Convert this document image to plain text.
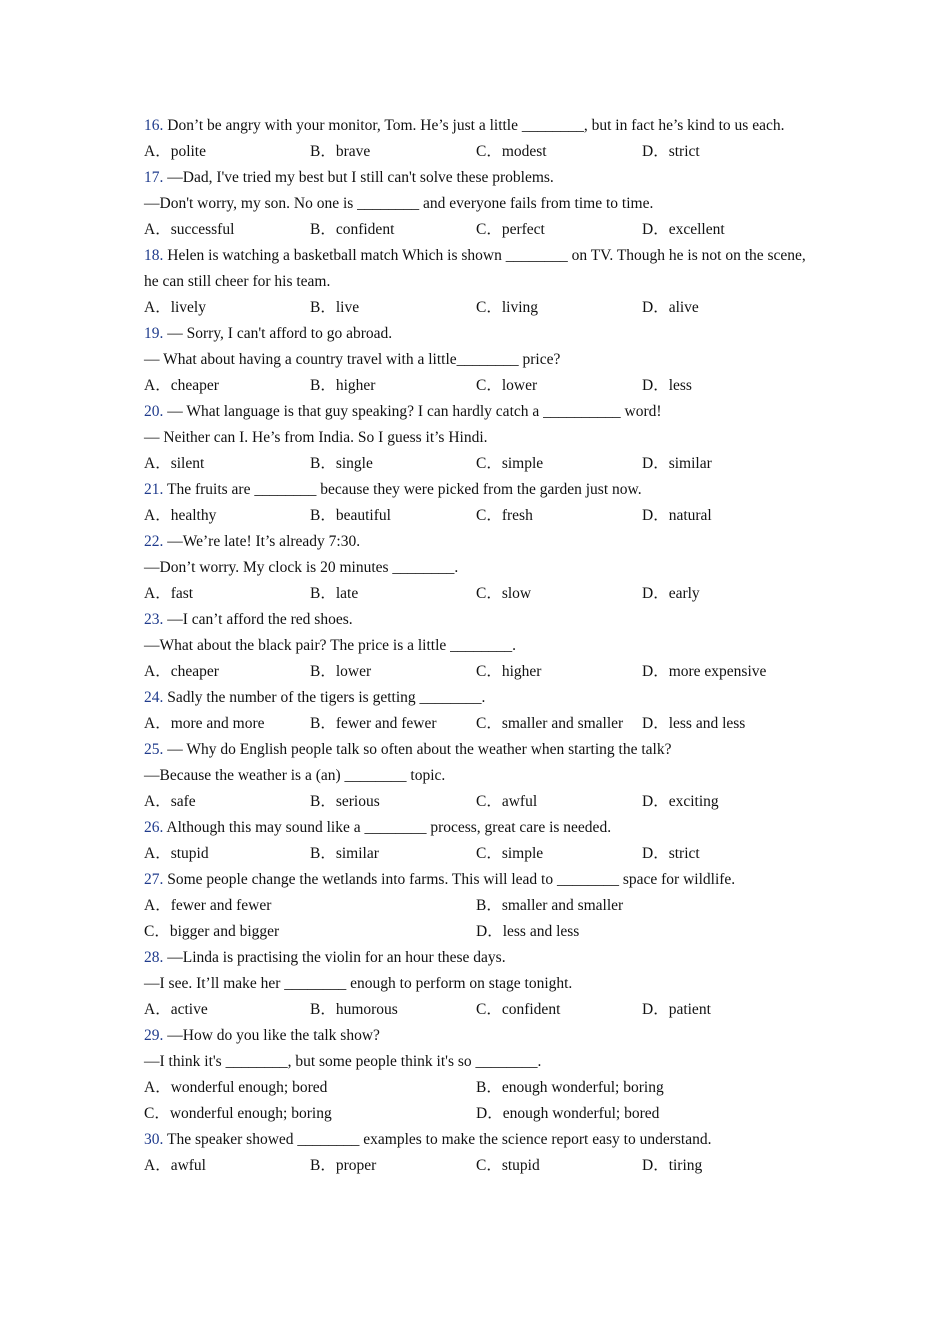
16. Don’t be angry with your monitor, Tom. He’s just a little ________, but in fact he’s kind to us each.
A．polite	B．brave	C．modest	D．strict
17. —Dad, I've tried my best but I still can't solve these problems.
—Don't worry, my son. No one is ________ and everyone fails from time to time.
A．successful	B．confident	C．perfect	D．excellent
18. Helen is watching a basketball match Which is shown ________ on TV. Though he is not on the scene, he can still cheer for his team.
A．lively	B．live	C．living	D．alive
19. — Sorry, I can't afford to go abroad.
— What about having a country travel with a little________ price?
A．cheaper	B．higher	C．lower	D．less
20. — What language is that guy speaking? I can hardly catch a __________ word!
— Neither can I. He’s from India. So I guess it’s Hindi.
A．silent	B．single	C．simple	D．similar
21. The fruits are ________ because they were picked from the garden just now.
A．healthy	B．beautiful	C．fresh	D．natural
22. —We’re late! It’s already 7:30.
—Don’t worry. My clock is 20 minutes ________.
A．fast	B．late	C．slow	D．early
23. —I can’t afford the red shoes.
—What about the black pair? The price is a little ________.
A．cheaper	B．lower	C．higher	D．more expensive
24. Sadly the number of the tigers is getting ________.
A．more and more	B．fewer and fewer	C．smaller and smaller	D．less and less
25. — Why do English people talk so often about the weather when starting the talk?
—Because the weather is a (an) ________ topic.
A．safe	B．serious	C．awful	D．exciting
26. Although this may sound like a ________ process, great care is needed.
A．stupid	B．similar	C．simple	D．strict
27. Some people change the wetlands into farms. This will lead to ________ space for wildlife.
A．fewer and fewer	B．smaller and smaller
C．bigger and bigger	D．less and less
28. —Linda is practising the violin for an hour these days.
—I see. It’ll make her ________ enough to perform on stage tonight.
A．active	B．humorous	C．confident	D．patient
29. —How do you like the talk show?
—I think it's ________, but some people think it's so ________.
A．wonderful enough; bored	B．enough wonderful; boring
C．wonderful enough; boring	D．enough wonderful; bored
30. The speaker showed ________ examples to make the science report easy to understand.
A．awful	B．proper	C．stupid	D．tiring
